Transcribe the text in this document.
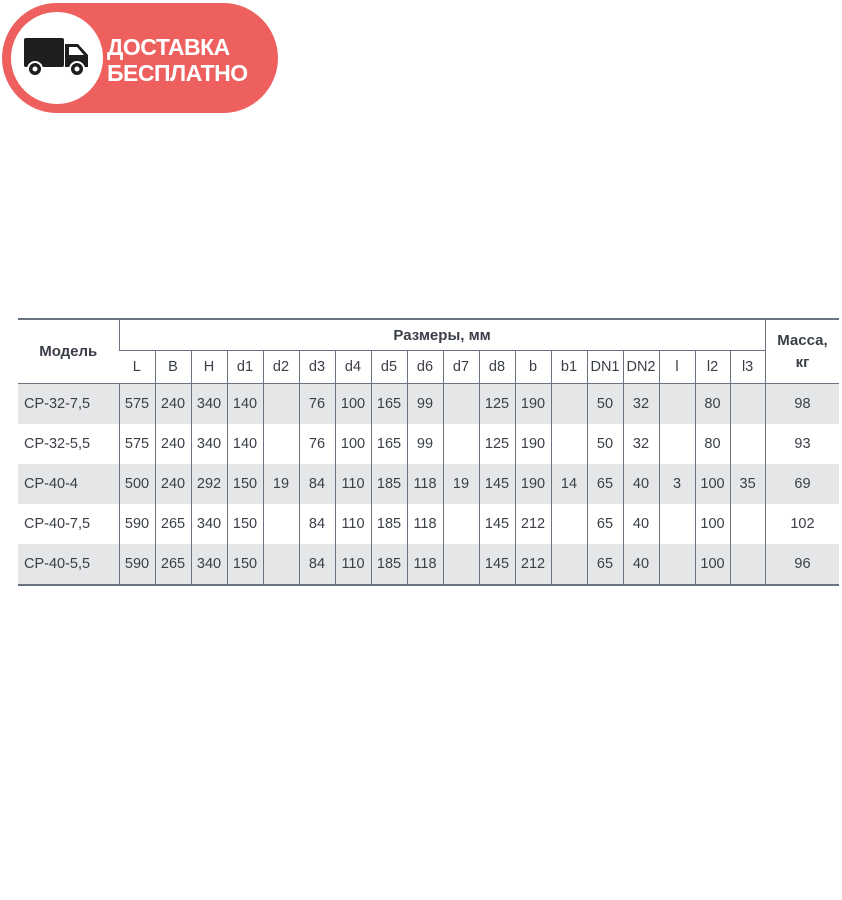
ДОСТАВКА
БЕСПЛАТНО
Модель	Размеры, мм																		Масса,
кг

	L	B	H	d1	d2	d3	d4	d5	d6	d7	d8	b	b1	DN1	DN2	l	l2	l3	
СР-32-7,5	575	240	340	140		76	100	165	99		125	190		50	32		80		98
СР-32-5,5	575	240	340	140		76	100	165	99		125	190		50	32		80		93
СР-40-4	500	240	292	150	19	84	110	185	118	19	145	190	14	65	40	3	100	35	69
СР-40-7,5	590	265	340	150		84	110	185	118		145	212		65	40		100		102
СР-40-5,5	590	265	340	150		84	110	185	118		145	212		65	40		100		96
